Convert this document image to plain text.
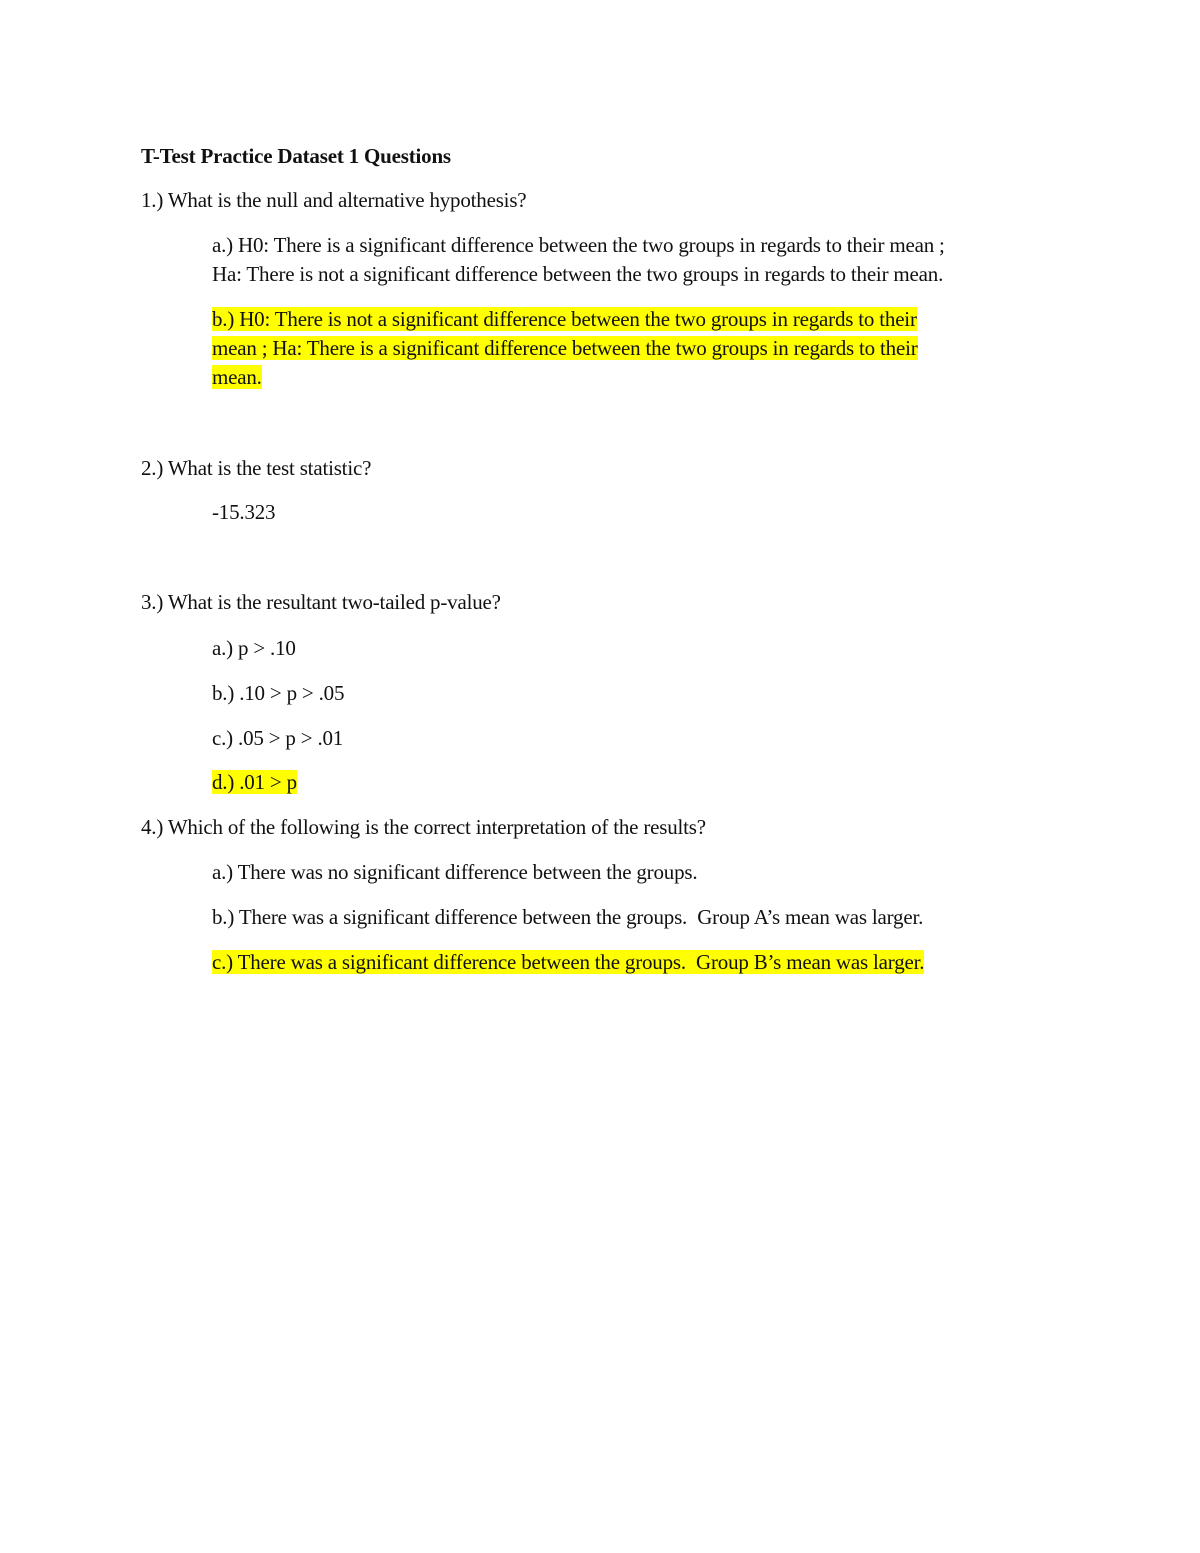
T-Test Practice Dataset 1 Questions
1.) What is the null and alternative hypothesis?
a.) H0: There is a significant difference between the two groups in regards to their mean ;
Ha: There is not a significant difference between the two groups in regards to their mean.
b.) H0: There is not a significant difference between the two groups in regards to their
mean ; Ha: There is a significant difference between the two groups in regards to their
mean.
2.) What is the test statistic?
-15.323
3.) What is the resultant two-tailed p-value?
a.) p > .10
b.) .10 > p > .05
c.) .05 > p > .01
d.) .01 > p
4.) Which of the following is the correct interpretation of the results?
a.) There was no significant difference between the groups.
b.) There was a significant difference between the groups.  Group A’s mean was larger.
c.) There was a significant difference between the groups.  Group B’s mean was larger.
